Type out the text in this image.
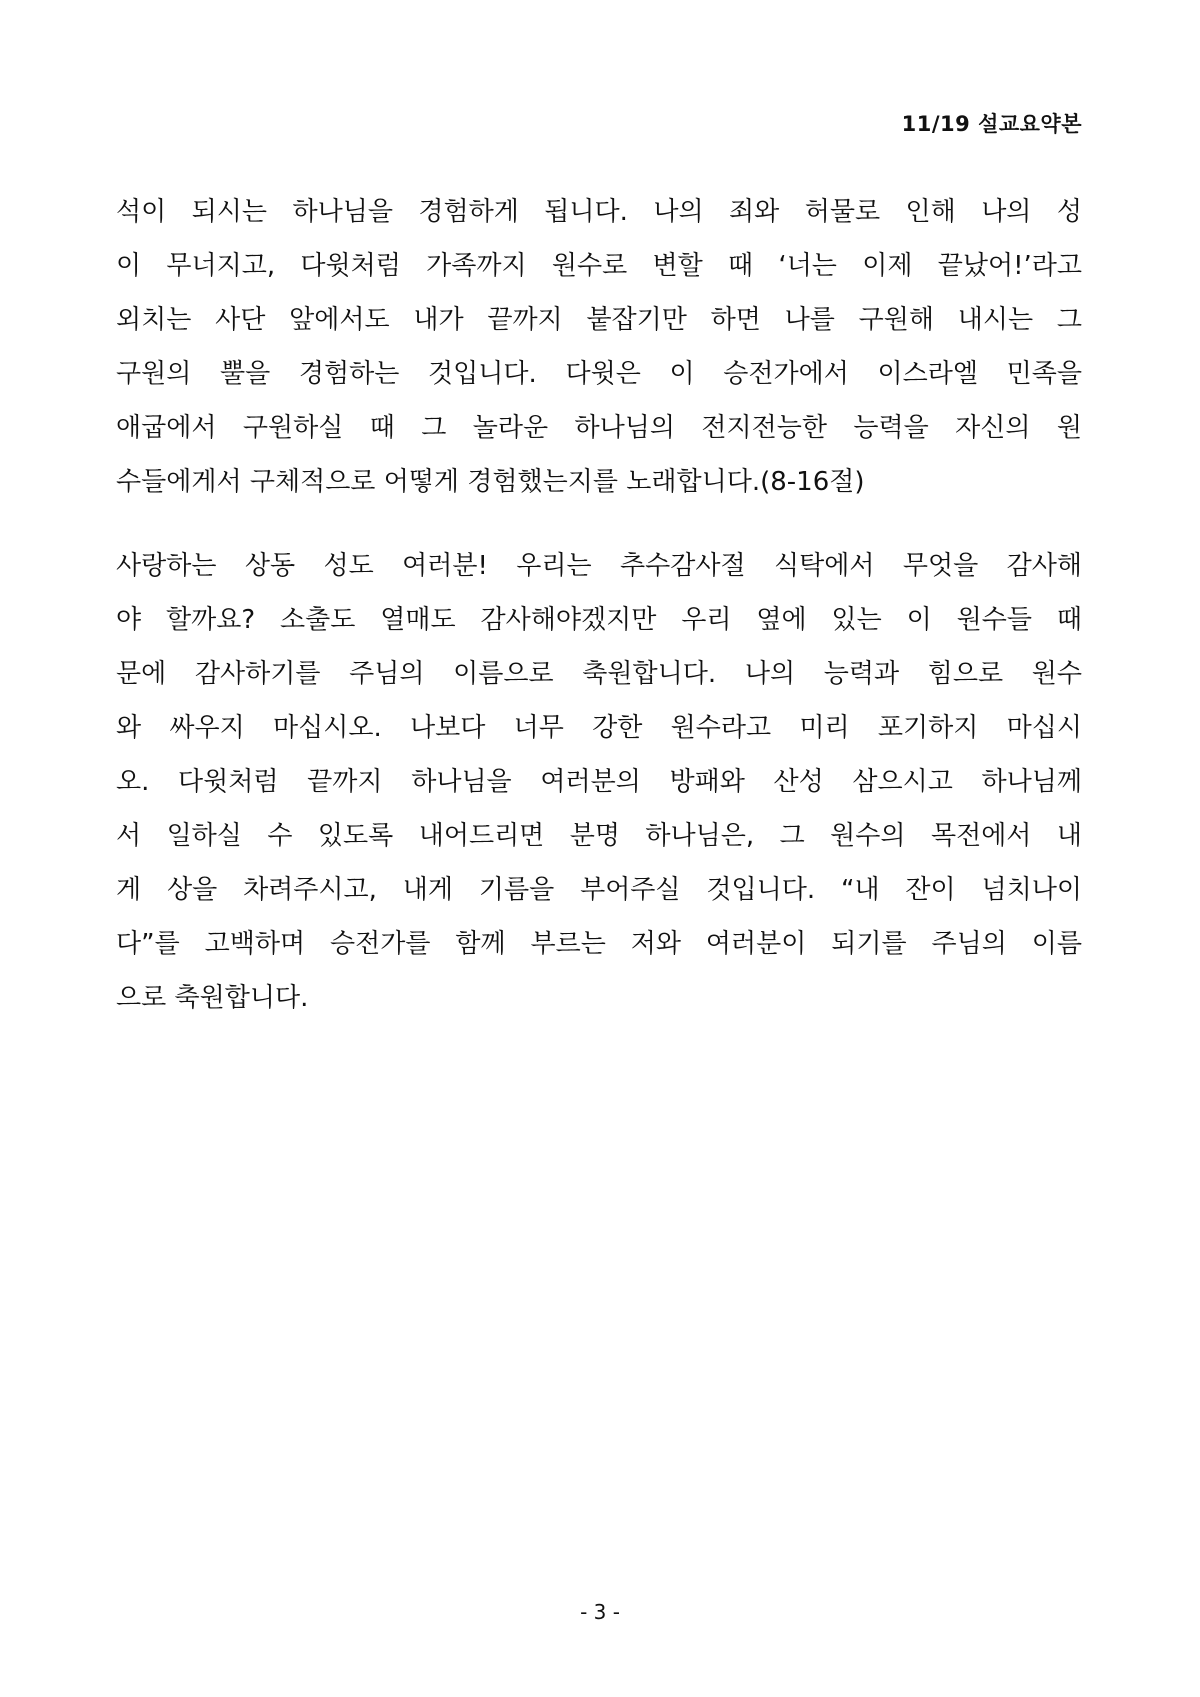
11/19 설교요약본

석이 되시는 하나님을 경험하게 됩니다. 나의 죄와 허물로 인해 나의 성
이 무너지고, 다윗처럼 가족까지 원수로 변할 때 ‘너는 이제 끝났어!’라고
외치는 사단 앞에서도 내가 끝까지 붙잡기만 하면 나를 구원해 내시는 그
구원의 뿔을 경험하는 것입니다. 다윗은 이 승전가에서 이스라엘 민족을
애굽에서 구원하실 때 그 놀라운 하나님의 전지전능한 능력을 자신의 원
수들에게서 구체적으로 어떻게 경험했는지를 노래합니다.(8-16절)

사랑하는 상동 성도 여러분! 우리는 추수감사절 식탁에서 무엇을 감사해
야 할까요? 소출도 열매도 감사해야겠지만 우리 옆에 있는 이 원수들 때
문에 감사하기를 주님의 이름으로 축원합니다. 나의 능력과 힘으로 원수
와 싸우지 마십시오. 나보다 너무 강한 원수라고 미리 포기하지 마십시
오. 다윗처럼 끝까지 하나님을 여러분의 방패와 산성 삼으시고 하나님께
서 일하실 수 있도록 내어드리면 분명 하나님은, 그 원수의 목전에서 내
게 상을 차려주시고, 내게 기름을 부어주실 것입니다. “내 잔이 넘치나이
다”를 고백하며 승전가를 함께 부르는 저와 여러분이 되기를 주님의 이름
으로 축원합니다.

- 3 -
